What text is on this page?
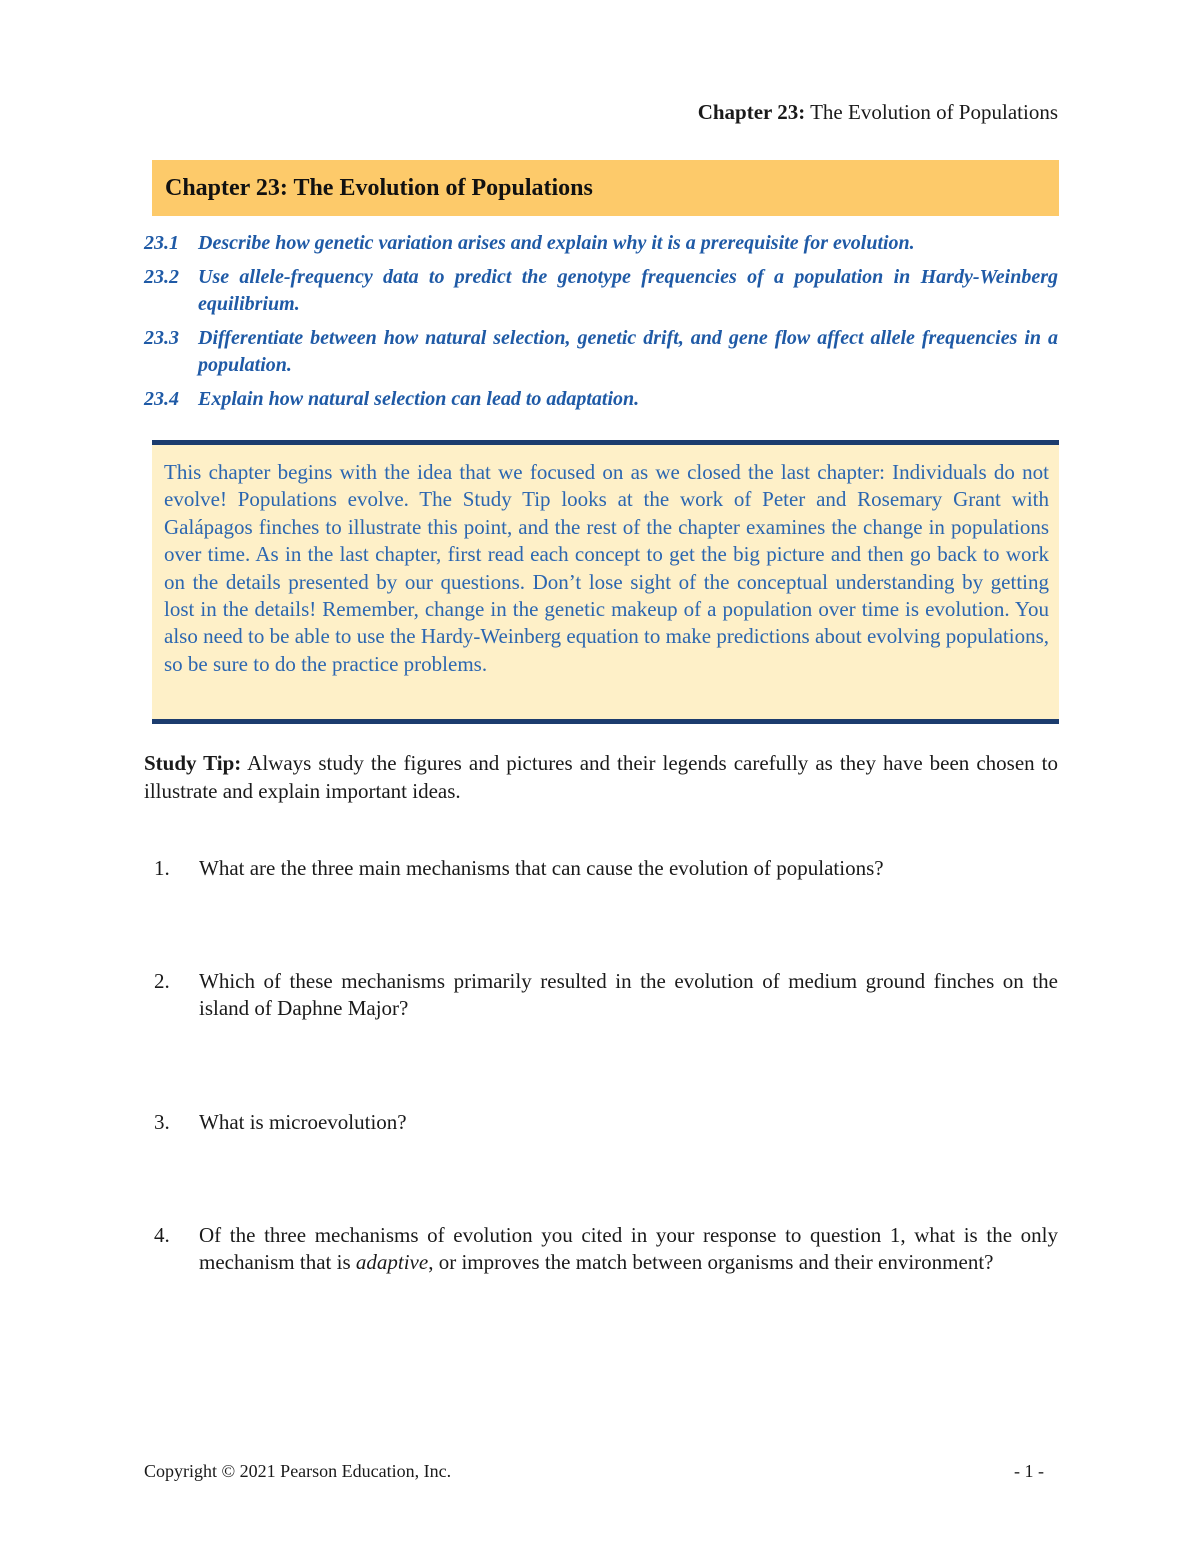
Chapter 23: The Evolution of Populations
Chapter 23: The Evolution of Populations
23.1 Describe how genetic variation arises and explain why it is a prerequisite for evolution.
23.2 Use allele-frequency data to predict the genotype frequencies of a population in Hardy-Weinberg equilibrium.
23.3 Differentiate between how natural selection, genetic drift, and gene flow affect allele frequencies in a population.
23.4 Explain how natural selection can lead to adaptation.

This chapter begins with the idea that we focused on as we closed the last chapter: Individuals do not evolve! Populations evolve. The Study Tip looks at the work of Peter and Rosemary Grant with Galápagos finches to illustrate this point, and the rest of the chapter examines the change in populations over time. As in the last chapter, first read each concept to get the big picture and then go back to work on the details presented by our questions. Don’t lose sight of the conceptual understanding by getting lost in the details! Remember, change in the genetic makeup of a population over time is evolution. You also need to be able to use the Hardy-Weinberg equation to make predictions about evolving populations, so be sure to do the practice problems.

Study Tip: Always study the figures and pictures and their legends carefully as they have been chosen to illustrate and explain important ideas.

1.	What are the three main mechanisms that can cause the evolution of populations?
2.	Which of these mechanisms primarily resulted in the evolution of medium ground finches on the island of Daphne Major?
3.	What is microevolution?
4.	Of the three mechanisms of evolution you cited in your response to question 1, what is the only mechanism that is adaptive, or improves the match between organisms and their environment?
Copyright © 2021 Pearson Education, Inc.	- 1 -
